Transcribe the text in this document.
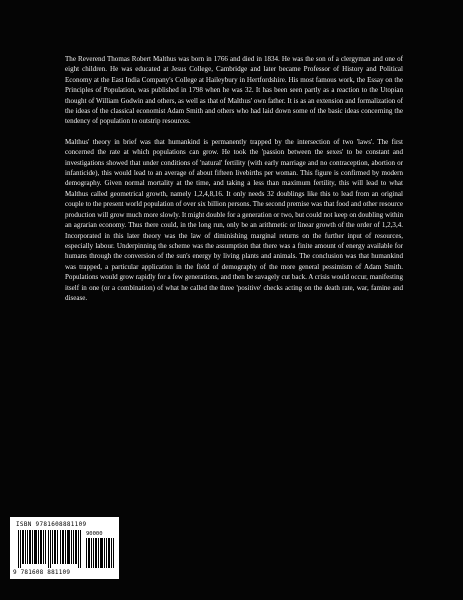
The Reverend Thomas Robert Malthus was born in 1766 and died in 1834. He was the son of a clergyman and one of eight children. He was educated at Jesus College, Cambridge and later became Professor of History and Political Economy at the East India Company's College at Haileybury in Hertfordshire. His most famous work, the Essay on the Principles of Population, was published in 1798 when he was 32. It has been seen partly as a reaction to the Utopian thought of William Godwin and others, as well as that of Malthus' own father. It is as an extension and formalization of the ideas of the classical economist Adam Smith and others who had laid down some of the basic ideas concerning the tendency of population to outstrip resources.

Malthus' theory in brief was that humankind is permanently trapped by the intersection of two 'laws'. The first concerned the rate at which populations can grow. He took the 'passion between the sexes' to be constant and investigations showed that under conditions of 'natural' fertility (with early marriage and no contraception, abortion or infanticide), this would lead to an average of about fifteen livebirths per woman. This figure is confirmed by modern demography. Given normal mortality at the time, and taking a less than maximum fertility, this will lead to what Malthus called geometrical growth, namely 1,2,4,8,16. It only needs 32 doublings like this to lead from an original couple to the present world population of over six billion persons. The second premise was that food and other resource production will grow much more slowly. It might double for a generation or two, but could not keep on doubling within an agrarian economy. Thus there could, in the long run, only be an arithmetic or linear growth of the order of 1,2,3,4. Incorporated in this later theory was the law of diminishing marginal returns on the further input of resources, especially labour. Underpinning the scheme was the assumption that there was a finite amount of energy available for humans through the conversion of the sun's energy by living plants and animals. The conclusion was that humankind was trapped, a particular application in the field of demography of the more general pessimism of Adam Smith. Populations would grow rapidly for a few generations, and then be savagely cut back. A crisis would occur, manifesting itself in one (or a combination) of what he called the three 'positive' checks acting on the death rate, war, famine and disease.

ISBN 9781608881109
90000
9 781608 881109
